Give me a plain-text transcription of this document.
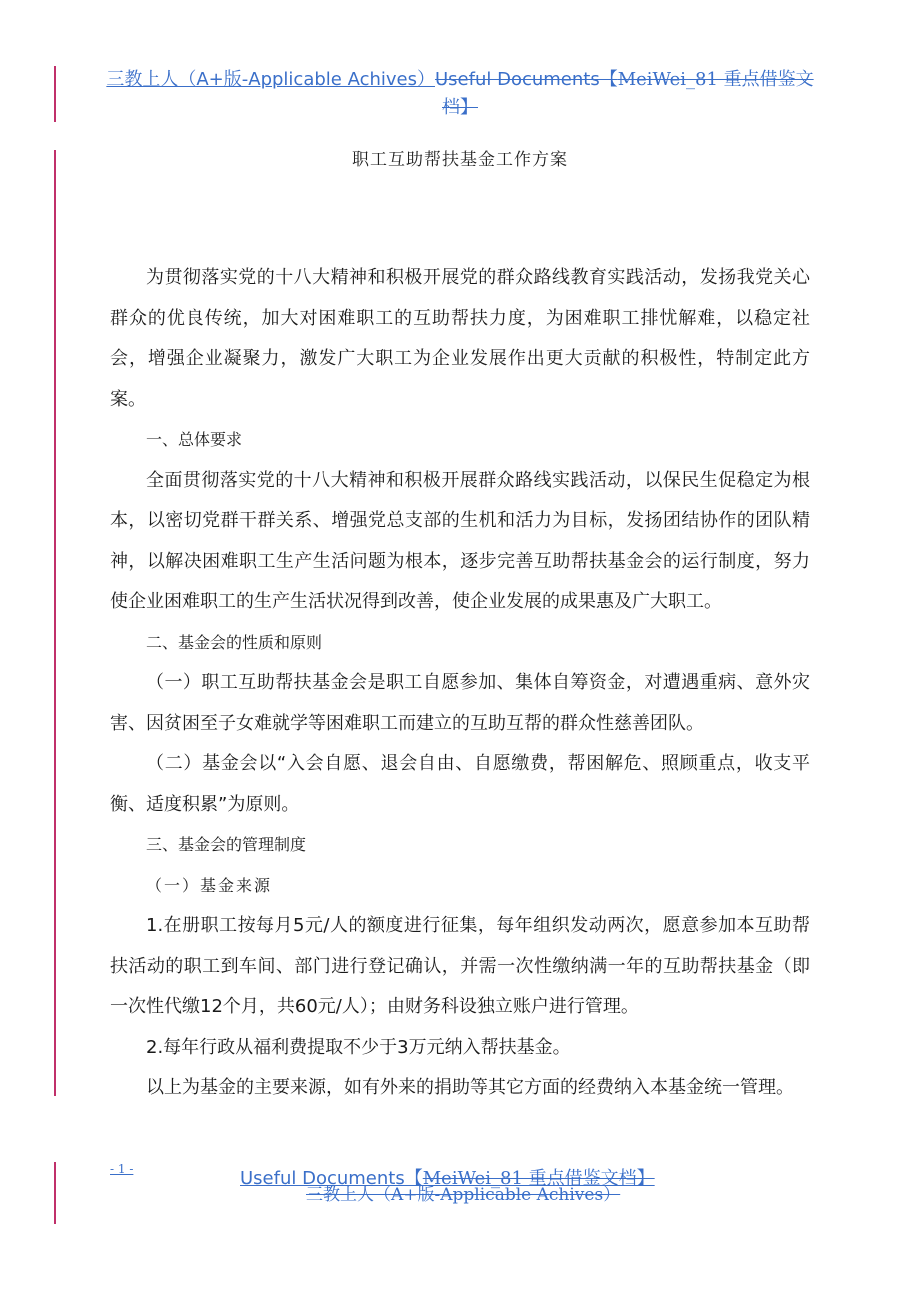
三教上人（A+版-Applicable Achives）Useful Documents【MeiWei_81 重点借鉴文档】
职工互助帮扶基金工作方案

为贯彻落实党的十八大精神和积极开展党的群众路线教育实践活动，发扬我党关心群众的优良传统，加大对困难职工的互助帮扶力度，为困难职工排忧解难，以稳定社会，增强企业凝聚力，激发广大职工为企业发展作出更大贡献的积极性，特制定此方案。

一、总体要求

全面贯彻落实党的十八大精神和积极开展群众路线实践活动，以保民生促稳定为根本，以密切党群干群关系、增强党总支部的生机和活力为目标，发扬团结协作的团队精神，以解决困难职工生产生活问题为根本，逐步完善互助帮扶基金会的运行制度，努力使企业困难职工的生产生活状况得到改善，使企业发展的成果惠及广大职工。

二、基金会的性质和原则

（一）职工互助帮扶基金会是职工自愿参加、集体自筹资金，对遭遇重病、意外灾害、因贫困至子女难就学等困难职工而建立的互助互帮的群众性慈善团队。

（二）基金会以“入会自愿、退会自由、自愿缴费，帮困解危、照顾重点，收支平衡、适度积累”为原则。

三、基金会的管理制度

（一）基金来源

1.在册职工按每月5元/人的额度进行征集，每年组织发动两次，愿意参加本互助帮扶活动的职工到车间、部门进行登记确认，并需一次性缴纳满一年的互助帮扶基金（即一次性代缴12个月，共60元/人）；由财务科设独立账户进行管理。

2.每年行政从福利费提取不少于3万元纳入帮扶基金。

以上为基金的主要来源，如有外来的捐助等其它方面的经费纳入本基金统一管理。

- 1 -	Useful Documents【MeiWei_81 重点借鉴文档】
三教上人（A+版-Applicable Achives）
